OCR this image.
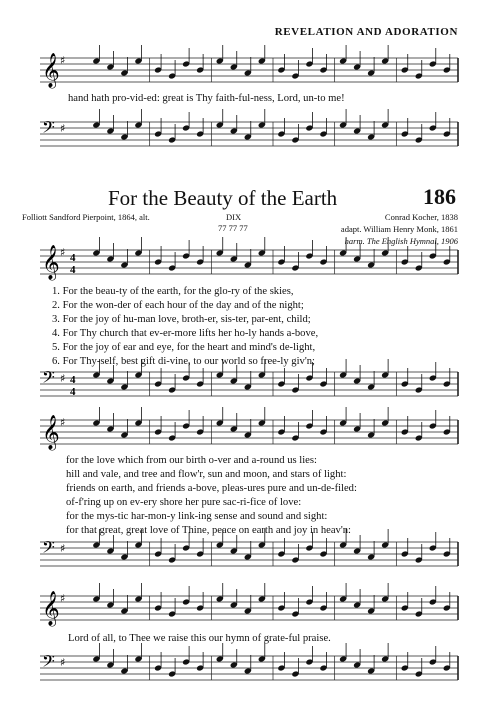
REVELATION AND ADORATION
For the Beauty of the Earth	186
Folliott Sandford Pierpoint, 1864, alt.	DIX
77 77 77
Conrad Kocher, 1838
adapt. William Henry Monk, 1861
harm. The English Hymnal, 1906
hand hath pro-vid-ed: great is Thy faith-ful-ness, Lord, un-to me!
1. For the beau-ty of the earth, for the glo-ry of the skies,
2. For the won-der of each hour of the day and of the night;
3. For the joy of hu-man love, broth-er, sis-ter, par-ent, child;
4. For Thy church that ev-er-more lifts her ho-ly hands a-bove,
5. For the joy of ear and eye, for the heart and mind's de-light,
6. For Thy-self, best gift di-vine, to our world so free-ly giv'n;
for the love which from our birth o-ver and a-round us lies:
hill and vale, and tree and flow'r, sun and moon, and stars of light:
friends on earth, and friends a-bove, pleas-ures pure and un-de-filed:
of-f'ring up on ev-ery shore her pure sac-ri-fice of love:
for the mys-tic har-mon-y link-ing sense and sound and sight:
for that great, great love of Thine, peace on earth and joy in heav'n:
Lord of all, to Thee we raise this our hymn of grate-ful praise.
𝄞 ♯
𝄢 ♯
𝄞 ♯ 4
4
𝄢 ♯ 4
4
𝄞 ♯
𝄢 ♯
𝄞 ♯
𝄢 ♯
